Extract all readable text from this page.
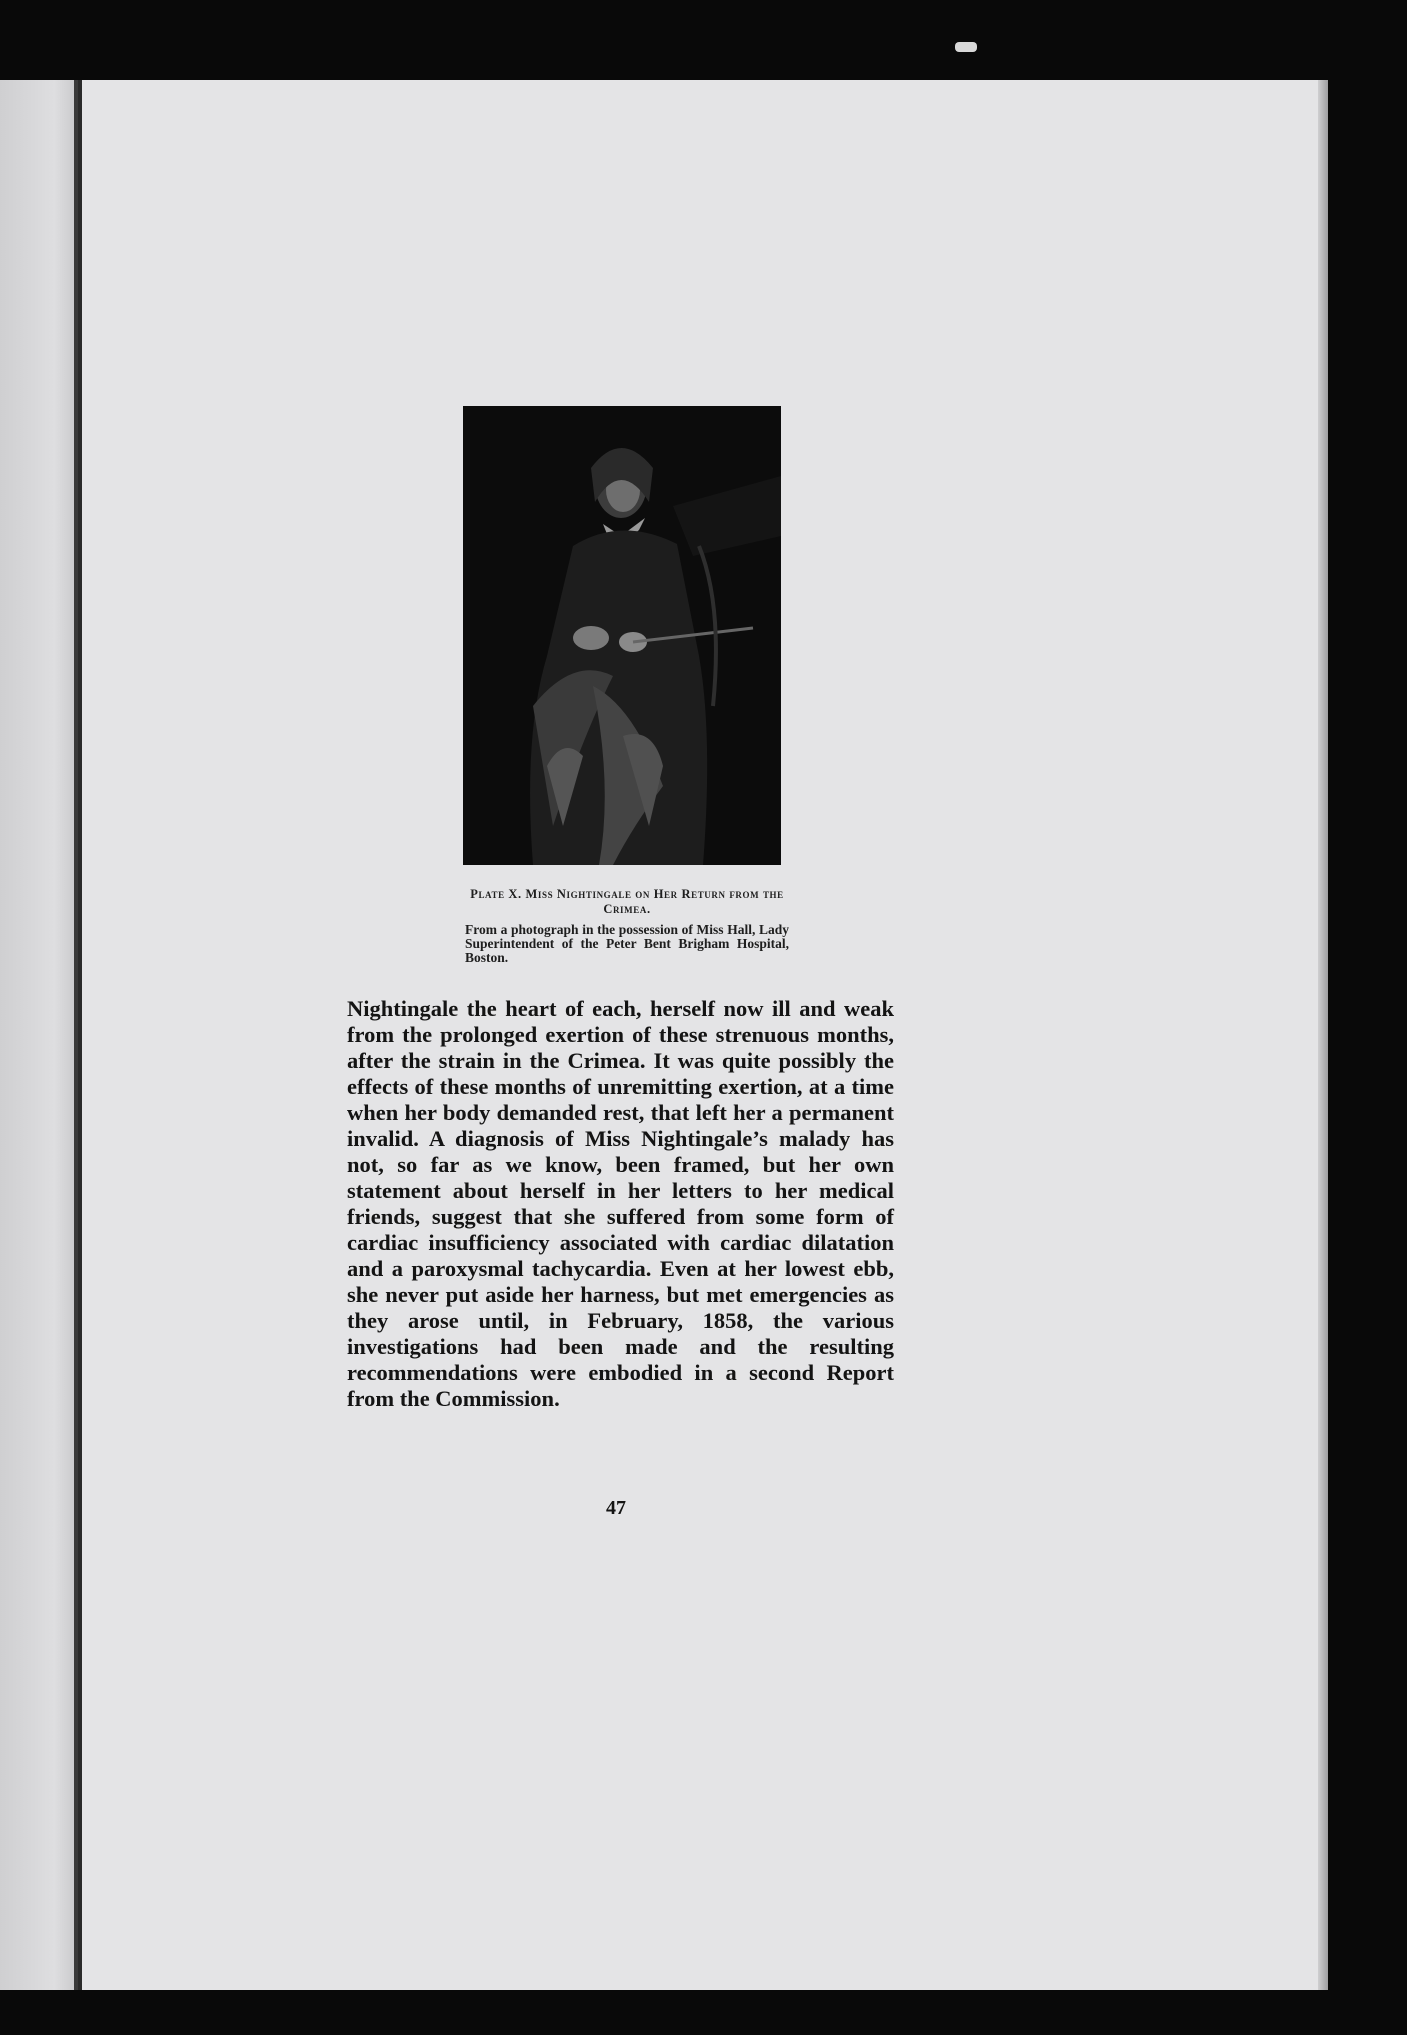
Plate X. Miss Nightingale on Her Return from the Crimea.
From a photograph in the possession of Miss Hall, Lady Superintendent of the Peter Bent Brigham Hospital, Boston.

Nightingale the heart of each, herself now ill and weak from the prolonged exertion of these strenuous months, after the strain in the Crimea. It was quite possibly the effects of these months of unremitting exertion, at a time when her body demanded rest, that left her a permanent invalid. A diagnosis of Miss Nightingale’s malady has not, so far as we know, been framed, but her own statement about herself in her letters to her medical friends, suggest that she suffered from some form of cardiac insufficiency associated with cardiac dilatation and a paroxysmal tachycardia. Even at her lowest ebb, she never put aside her harness, but met emergencies as they arose until, in February, 1858, the various investigations had been made and the resulting recommendations were embodied in a second Report from the Commission.

47
